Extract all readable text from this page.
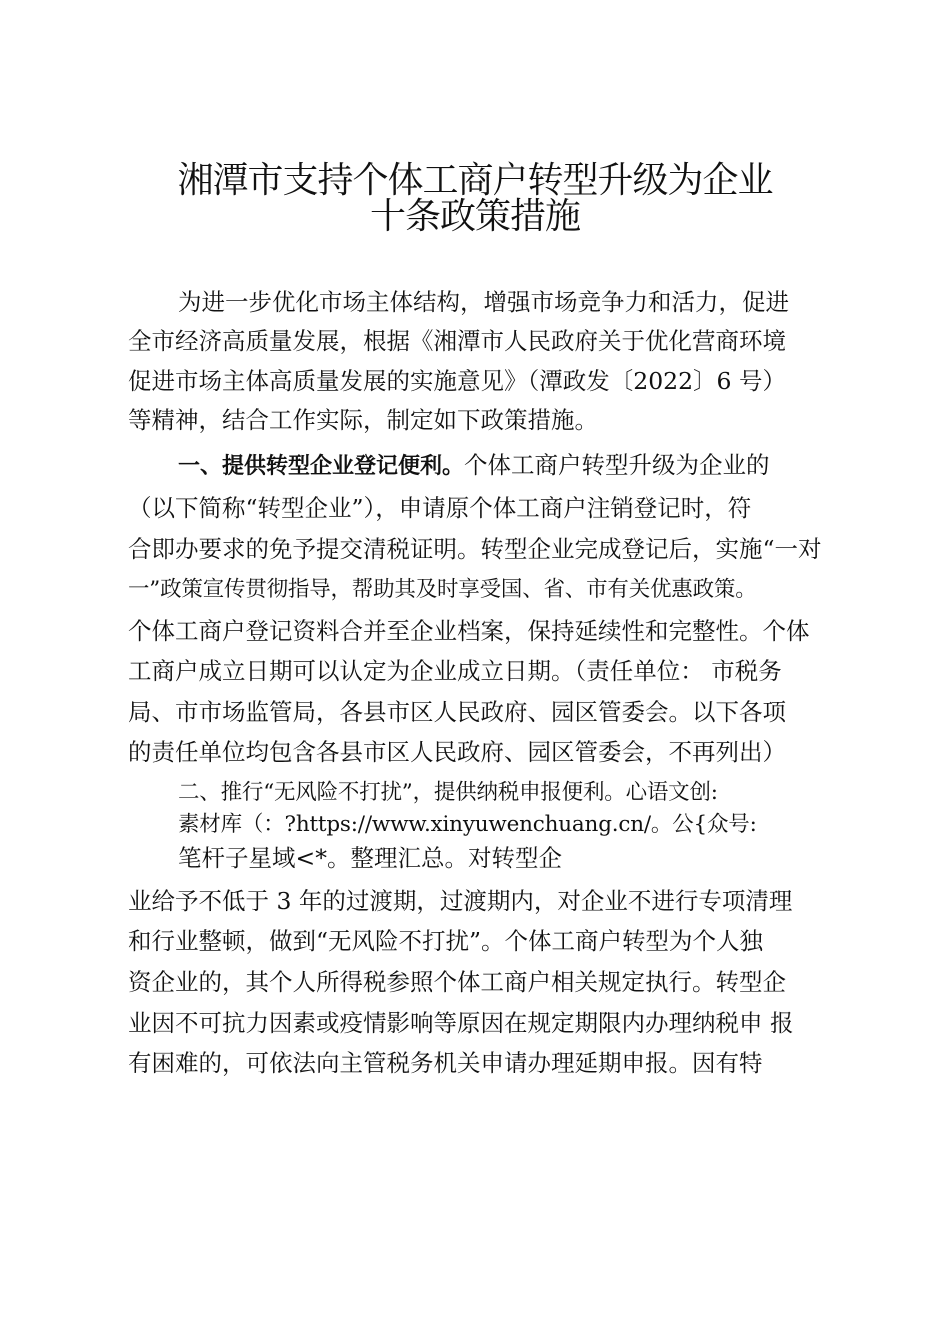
湘潭市支持个体工商户转型升级为企业
十条政策措施
为进一步优化市场主体结构，增强市场竞争力和活力，促进
全市经济高质量发展，根据《湘潭市人民政府关于优化营商环境
促进市场主体高质量发展的实施意见》（潭政发〔2022〕6 号）
等精神，结合工作实际，制定如下政策措施。
一、提供转型企业登记便利。个体工商户转型升级为企业的
（以下简称“转型企业”），申请原个体工商户注销登记时，符
合即办要求的免予提交清税证明。转型企业完成登记后，实施“一对
一”政策宣传贯彻指导，帮助其及时享受国、省、市有关优惠政策。
个体工商户登记资料合并至企业档案，保持延续性和完整性。个体
工商户成立日期可以认定为企业成立日期。（责任单位： 市税务
局、市市场监管局，各县市区人民政府、园区管委会。以下各项
的责任单位均包含各县市区人民政府、园区管委会，不再列出）
二、推行“无风险不打扰”，提供纳税申报便利。心语文创:
素材库（：?https://www.xinyuwenchuang.cn/。公{众号:
笔杆子星域<*。整理汇总。对转型企
业给予不低于 3 年的过渡期，过渡期内，对企业不进行专项清理
和行业整顿，做到“无风险不打扰”。个体工商户转型为个人独
资企业的，其个人所得税参照个体工商户相关规定执行。转型企
业因不可抗力因素或疫情影响等原因在规定期限内办理纳税申 报
有困难的，可依法向主管税务机关申请办理延期申报。因有特
